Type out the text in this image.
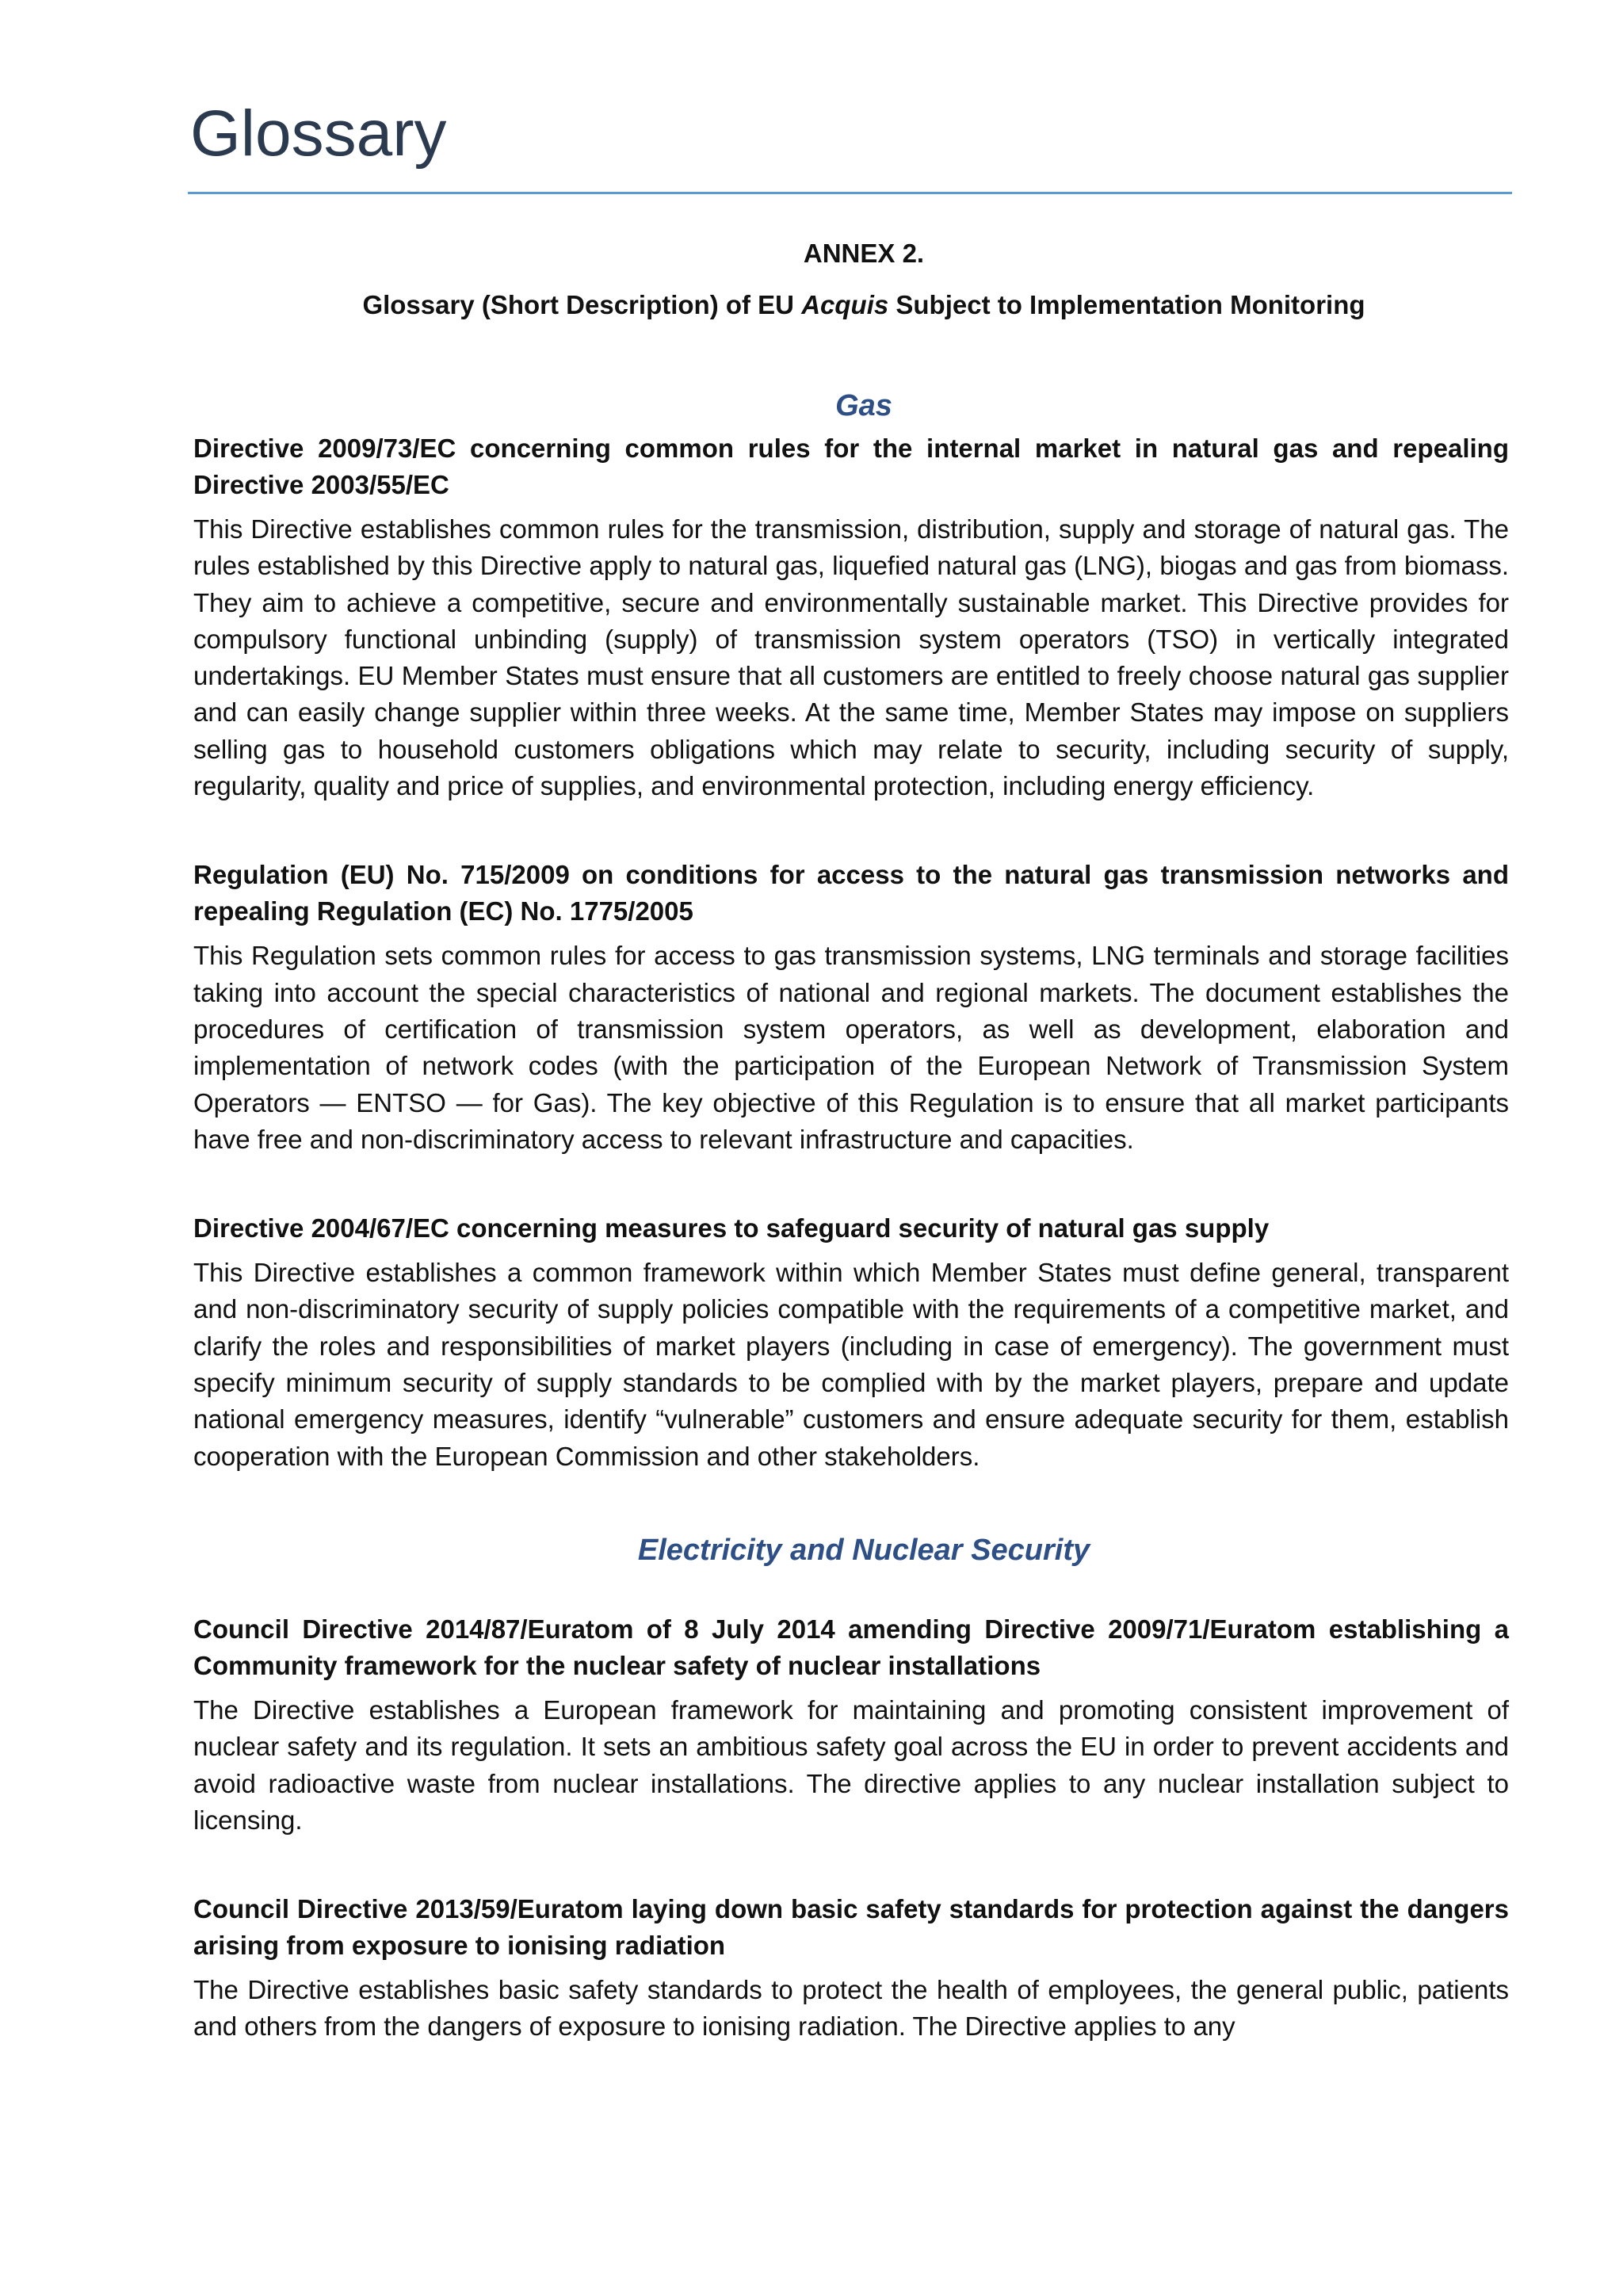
Glossary

ANNEX 2.

Glossary (Short Description) of EU Acquis Subject to Implementation Monitoring

Gas

Directive 2009/73/EC concerning common rules for the internal market in natural gas and repealing Directive 2003/55/EC

This Directive establishes common rules for the transmission, distribution, supply and storage of natural gas. The rules established by this Directive apply to natural gas, liquefied natural gas (LNG), biogas and gas from biomass. They aim to achieve a competitive, secure and environmentally sustainable market. This Directive provides for compulsory functional unbinding (supply) of transmission system operators (TSO) in vertically integrated undertakings. EU Member States must ensure that all customers are entitled to freely choose natural gas supplier and can easily change supplier within three weeks. At the same time, Member States may impose on suppliers selling gas to household customers obligations which may relate to security, including security of supply, regularity, quality and price of supplies, and environmental protection, including energy efficiency.

Regulation (EU) No. 715/2009 on conditions for access to the natural gas transmission networks and repealing Regulation (EC) No. 1775/2005

This Regulation sets common rules for access to gas transmission systems, LNG terminals and storage facilities taking into account the special characteristics of national and regional markets. The document establishes the procedures of certification of transmission system operators, as well as development, elaboration and implementation of network codes (with the participation of the European Network of Transmission System Operators — ENTSO — for Gas). The key objective of this Regulation is to ensure that all market participants have free and non-discriminatory access to relevant infrastructure and capacities.

Directive 2004/67/EC concerning measures to safeguard security of natural gas supply

This Directive establishes a common framework within which Member States must define general, transparent and non-discriminatory security of supply policies compatible with the requirements of a competitive market, and clarify the roles and responsibilities of market players (including in case of emergency). The government must specify minimum security of supply standards to be complied with by the market players, prepare and update national emergency measures, identify “vulnerable” customers and ensure adequate security for them, establish cooperation with the European Commission and other stakeholders.

Electricity and Nuclear Security

Council Directive 2014/87/Euratom of 8 July 2014 amending Directive 2009/71/Euratom establishing a Community framework for the nuclear safety of nuclear installations

The Directive establishes a European framework for maintaining and promoting consistent improvement of nuclear safety and its regulation. It sets an ambitious safety goal across the EU in order to prevent accidents and avoid radioactive waste from nuclear installations. The directive applies to any nuclear installation subject to licensing.

Council Directive 2013/59/Euratom laying down basic safety standards for protection against the dangers arising from exposure to ionising radiation

The Directive establishes basic safety standards to protect the health of employees, the general public, patients and others from the dangers of exposure to ionising radiation. The Directive applies to any
